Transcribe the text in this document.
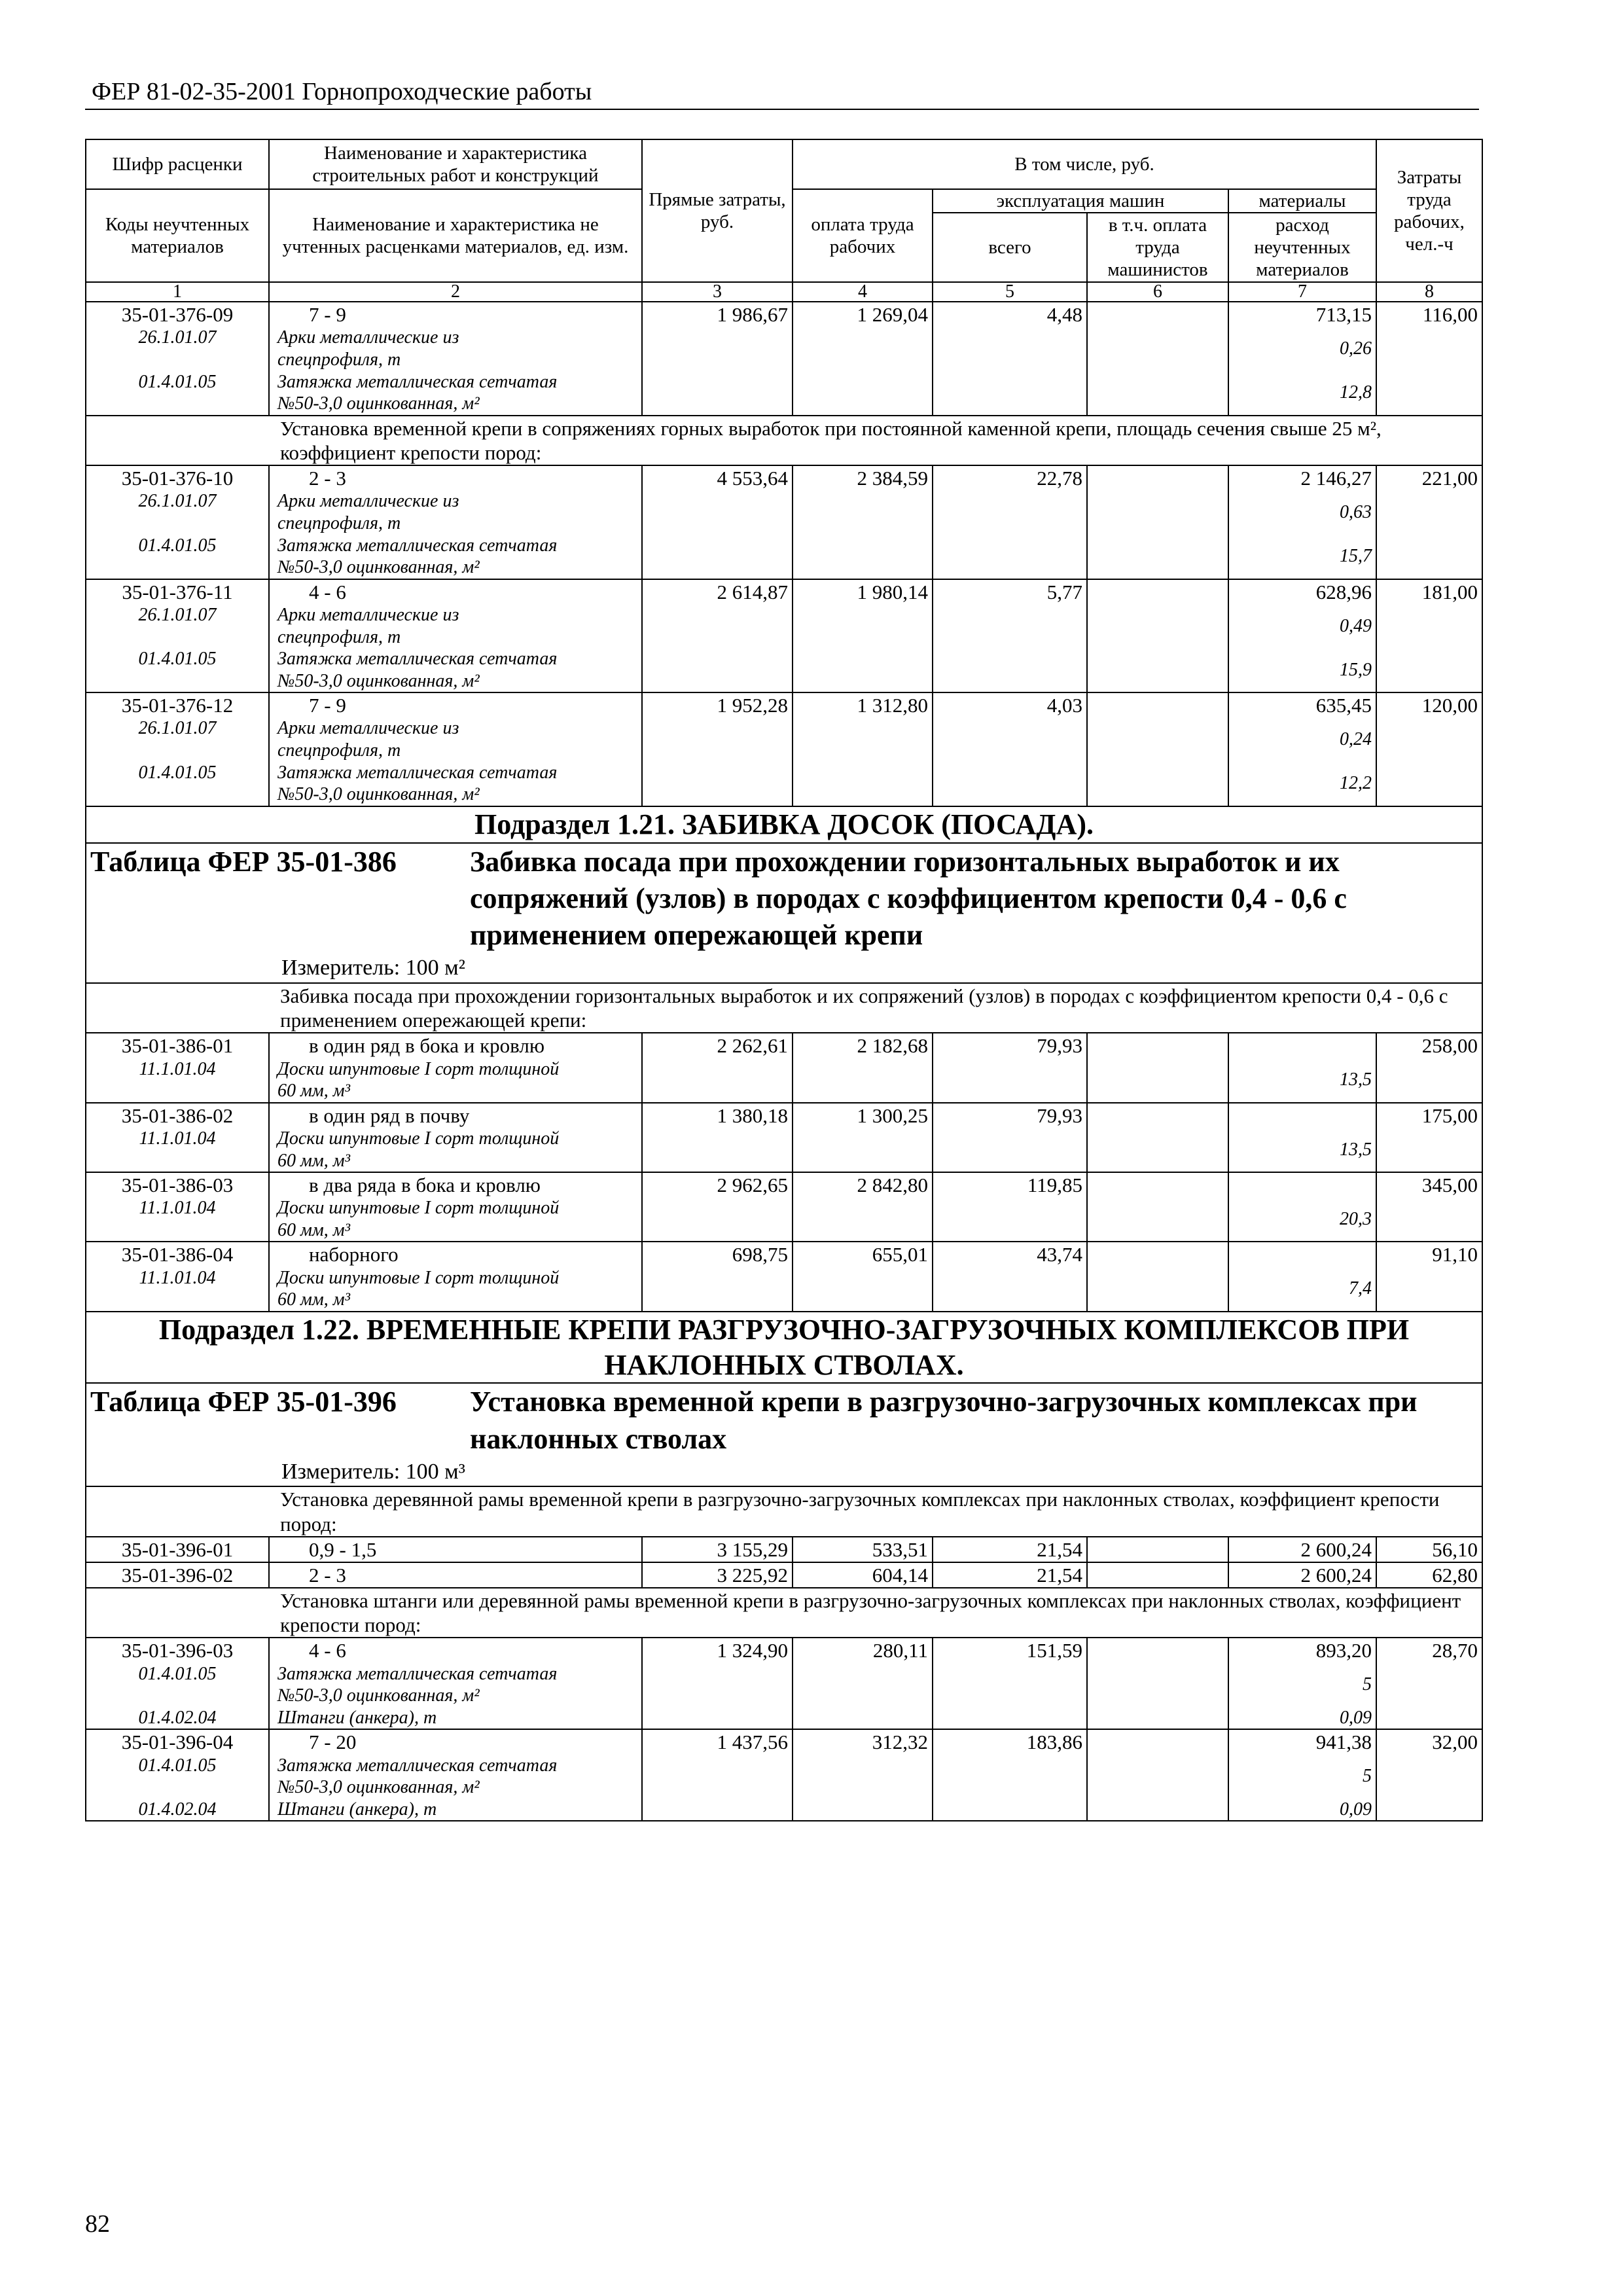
ФЕР 81-02-35-2001 Горнопроходческие работы
Шифр расценки	Наименование и характеристика строительных работ и конструкций	Прямые затраты, руб.	В том числе, руб.				Затраты труда рабочих, чел.-ч
Коды неучтенных материалов	Наименование и характеристика не учтенных расценками материалов, ед. изм.		оплата труда рабочих	эксплуатация машин		материалы	
				всего	в т.ч. оплата труда машинистов	расход неучтенных материалов	
1	2	3	4	5	6	7	8
35-01-376-09	7 - 9	1 986,67	1 269,04	4,48		713,15	116,00
26.1.01.07	Арки металлические из
спецпрофиля, т					0,26	
01.4.01.05	Затяжка металлическая сетчатая
№50-3,0 оцинкованная, м²					12,8	
Установка временной крепи в сопряжениях горных выработок при постоянной каменной крепи, площадь сечения свыше 25 м², коэффициент крепости пород:							
35-01-376-10	2 - 3	4 553,64	2 384,59	22,78		2 146,27	221,00
26.1.01.07	Арки металлические из
спецпрофиля, т					0,63	
01.4.01.05	Затяжка металлическая сетчатая
№50-3,0 оцинкованная, м²					15,7	
35-01-376-11	4 - 6	2 614,87	1 980,14	5,77		628,96	181,00
26.1.01.07	Арки металлические из
спецпрофиля, т					0,49	
01.4.01.05	Затяжка металлическая сетчатая
№50-3,0 оцинкованная, м²					15,9	
35-01-376-12	7 - 9	1 952,28	1 312,80	4,03		635,45	120,00
26.1.01.07	Арки металлические из
спецпрофиля, т					0,24	
01.4.01.05	Затяжка металлическая сетчатая
№50-3,0 оцинкованная, м²					12,2	
Подраздел 1.21. ЗАБИВКА ДОСОК (ПОСАДА).							
Таблица ФЕР 35-01-386 Забивка посада при прохождении горизонтальных выработок и их сопряжений (узлов) в породах с коэффициентом крепости 0,4 - 0,6 с применением опережающей крепи
Измеритель: 100 м²							

Забивка посада при прохождении горизонтальных выработок и их сопряжений (узлов) в породах с коэффициентом крепости 0,4 - 0,6 с применением опережающей крепи:							
35-01-386-01	в один ряд в бока и кровлю	2 262,61	2 182,68	79,93			258,00
11.1.01.04	Доски шпунтовые I сорт толщиной
60 мм, м³					13,5	
35-01-386-02	в один ряд в почву	1 380,18	1 300,25	79,93			175,00
11.1.01.04	Доски шпунтовые I сорт толщиной
60 мм, м³					13,5	
35-01-386-03	в два ряда в бока и кровлю	2 962,65	2 842,80	119,85			345,00
11.1.01.04	Доски шпунтовые I сорт толщиной
60 мм, м³					20,3	
35-01-386-04	наборного	698,75	655,01	43,74			91,10
11.1.01.04	Доски шпунтовые I сорт толщиной
60 мм, м³					7,4	
Подраздел 1.22. ВРЕМЕННЫЕ КРЕПИ РАЗГРУЗОЧНО-ЗАГРУЗОЧНЫХ КОМПЛЕКСОВ ПРИ НАКЛОННЫХ СТВОЛАХ.							
Таблица ФЕР 35-01-396 Установка временной крепи в разгрузочно-загрузочных комплексах при наклонных стволах
Измеритель: 100 м³							

Установка деревянной рамы временной крепи в разгрузочно-загрузочных комплексах при наклонных стволах, коэффициент крепости пород:							
35-01-396-01	0,9 - 1,5	3 155,29	533,51	21,54		2 600,24	56,10
35-01-396-02	2 - 3	3 225,92	604,14	21,54		2 600,24	62,80
Установка штанги или деревянной рамы временной крепи в разгрузочно-загрузочных комплексах при наклонных стволах, коэффициент крепости пород:							
35-01-396-03	4 - 6	1 324,90	280,11	151,59		893,20	28,70
01.4.01.05	Затяжка металлическая сетчатая
№50-3,0 оцинкованная, м²					5	
01.4.02.04	Штанги (анкера), т					0,09	
35-01-396-04	7 - 20	1 437,56	312,32	183,86		941,38	32,00
01.4.01.05	Затяжка металлическая сетчатая
№50-3,0 оцинкованная, м²					5	
01.4.02.04	Штанги (анкера), т					0,09	
82
